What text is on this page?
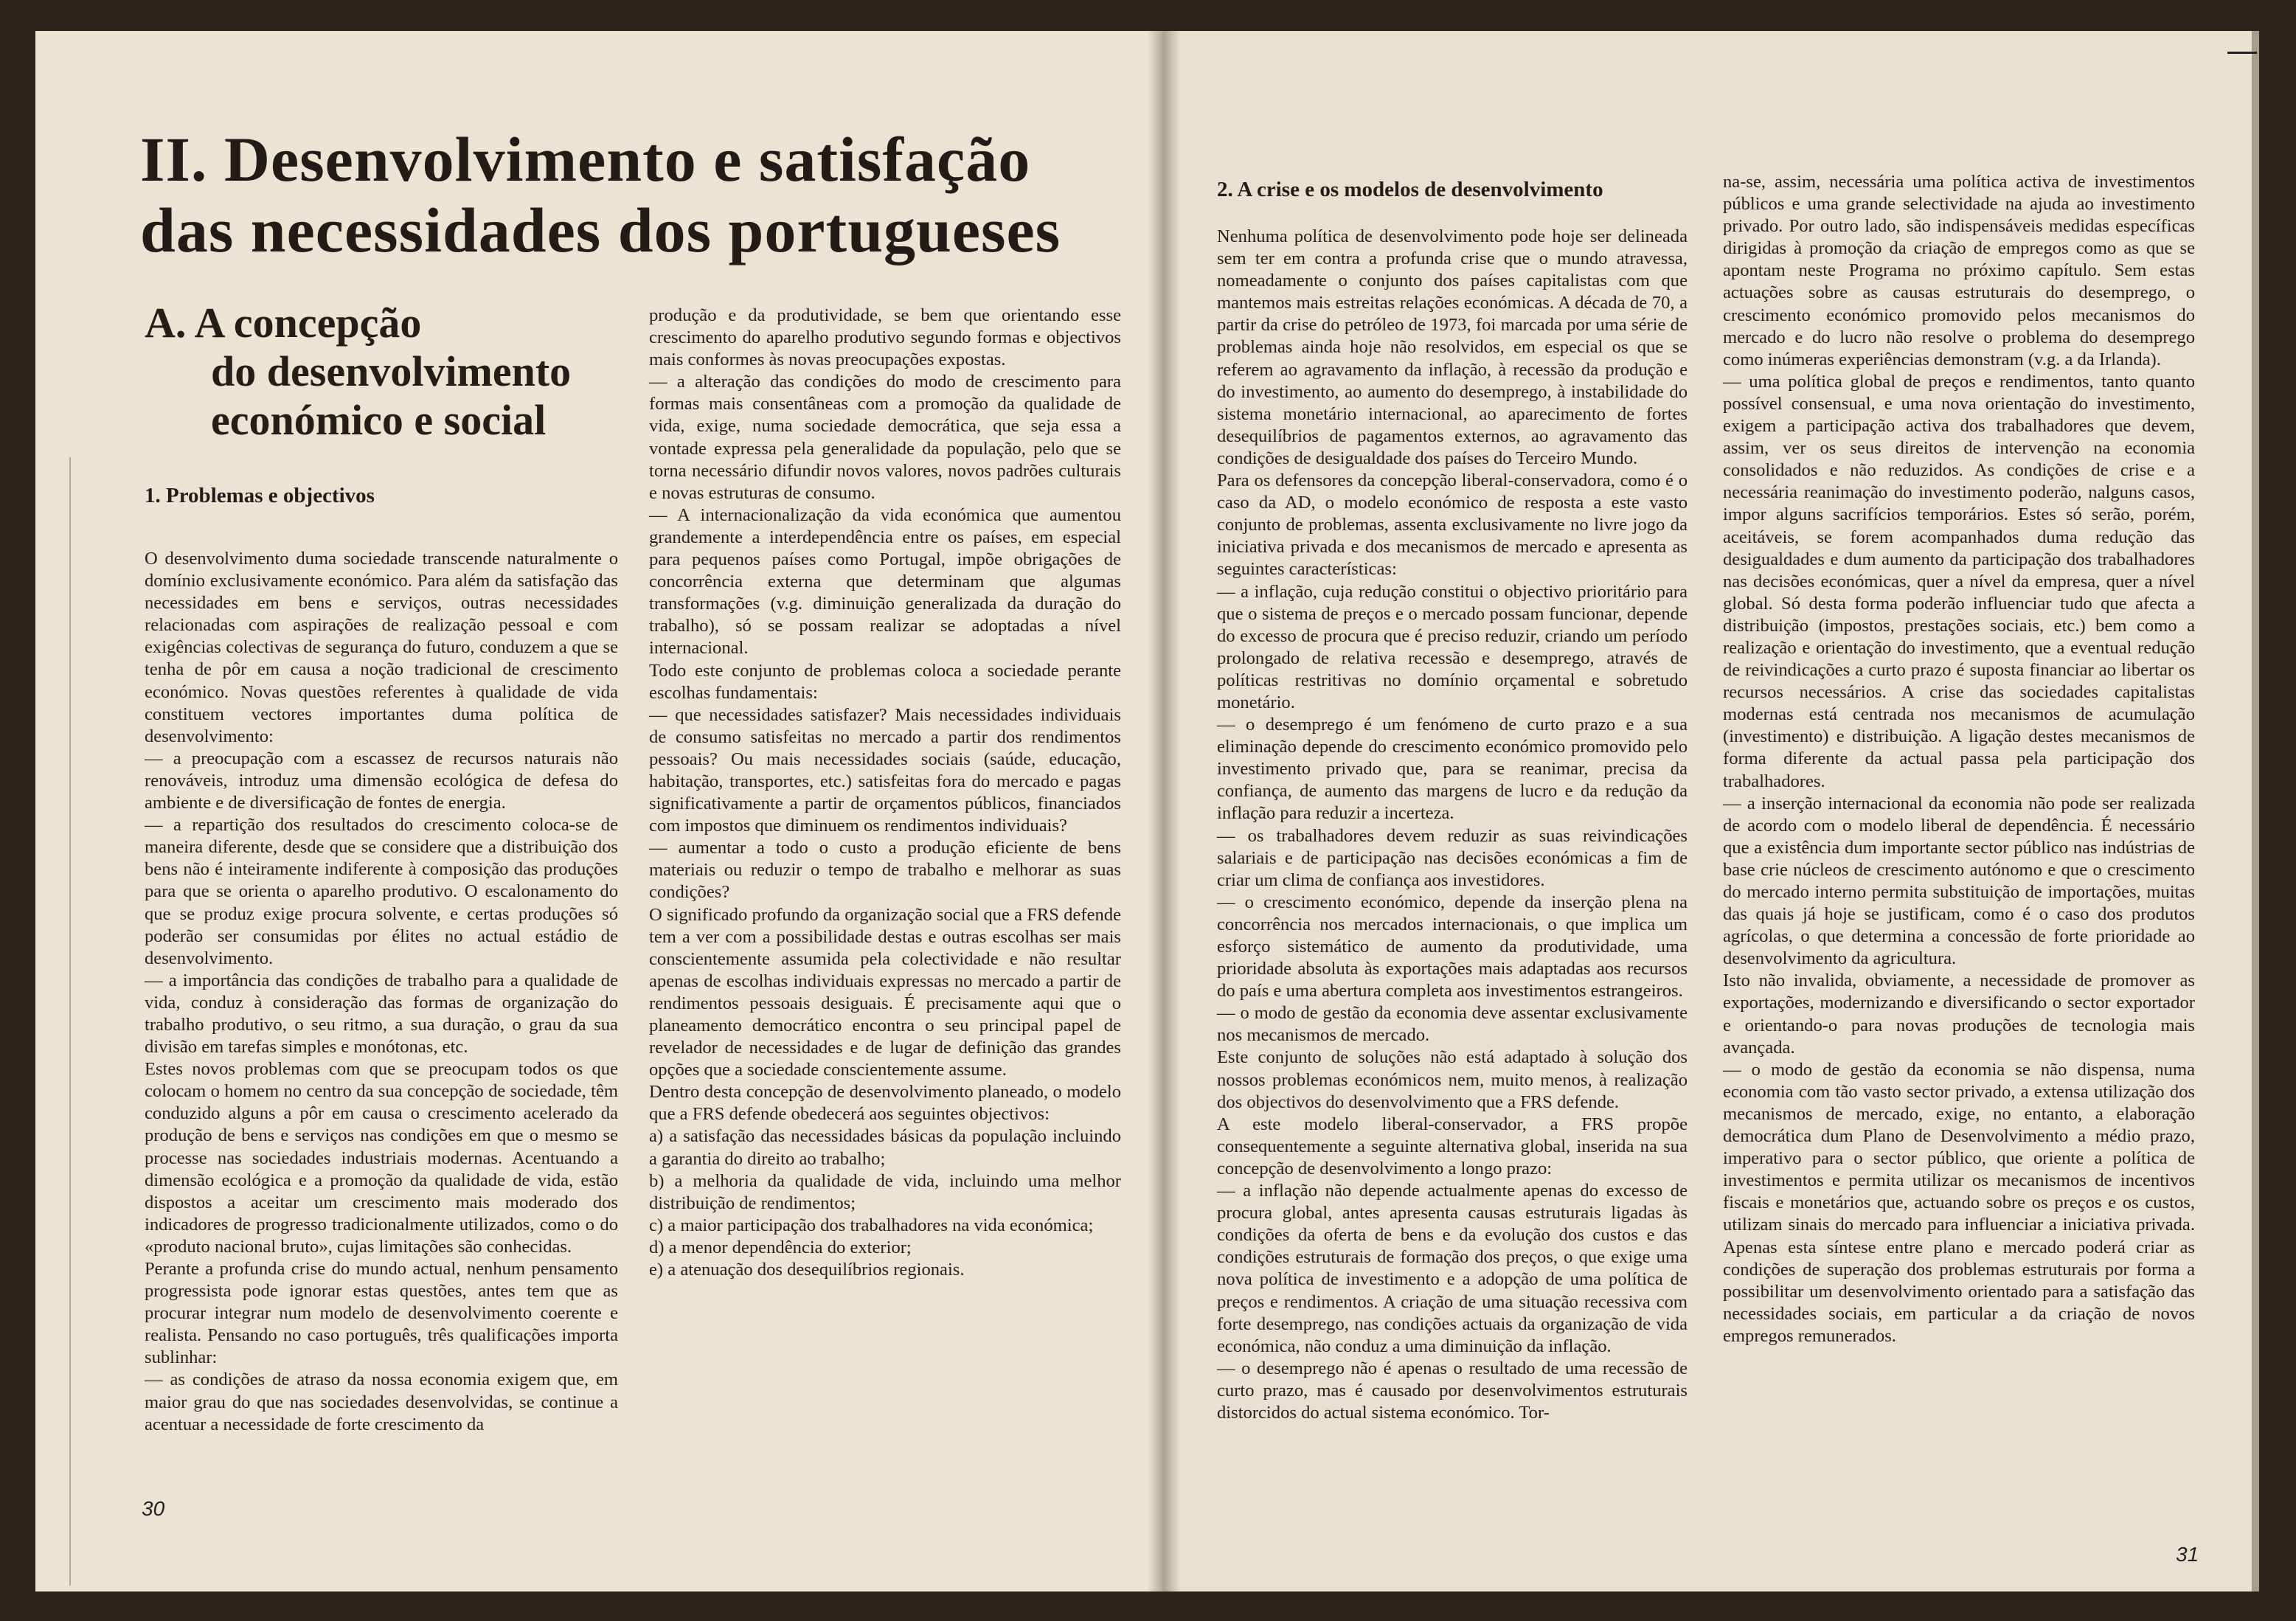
II. Desenvolvimento e satisfação
das necessidades dos portugueses
A. A concepção
do desenvolvimento
económico e social
1. Problemas e objectivos
2. A crise e os modelos de desenvolvimento

O desenvolvimento duma sociedade transcende naturalmente o domínio exclusivamente económico. Para além da satisfação das necessidades em bens e serviços, outras necessidades relacionadas com aspirações de realização pessoal e com exigências colectivas de segurança do futuro, conduzem a que se tenha de pôr em causa a noção tradicional de crescimento económico. Novas questões referentes à qualidade de vida constituem vectores importantes duma política de desenvolvimento:

— a preocupação com a escassez de recursos naturais não renováveis, introduz uma dimensão ecológica de defesa do ambiente e de diversificação de fontes de energia.

— a repartição dos resultados do crescimento coloca-se de maneira diferente, desde que se considere que a distribuição dos bens não é inteiramente indiferente à composição das produções para que se orienta o aparelho produtivo. O escalonamento do que se produz exige procura solvente, e certas produções só poderão ser consumidas por élites no actual estádio de desenvolvimento.

— a importância das condições de trabalho para a qualidade de vida, conduz à consideração das formas de organização do trabalho produtivo, o seu ritmo, a sua duração, o grau da sua divisão em tarefas simples e monótonas, etc.

Estes novos problemas com que se preocupam todos os que colocam o homem no centro da sua concepção de sociedade, têm conduzido alguns a pôr em causa o crescimento acelerado da produção de bens e serviços nas condições em que o mesmo se processe nas sociedades industriais modernas. Acentuando a dimensão ecológica e a promoção da qualidade de vida, estão dispostos a aceitar um crescimento mais moderado dos indicadores de progresso tradicionalmente utilizados, como o do «produto nacional bruto», cujas limitações são conhecidas.

Perante a profunda crise do mundo actual, nenhum pensamento progressista pode ignorar estas questões, antes tem que as procurar integrar num modelo de desenvolvimento coerente e realista. Pensando no caso português, três qualificações importa sublinhar:

— as condições de atraso da nossa economia exigem que, em maior grau do que nas sociedades desenvolvidas, se continue a acentuar a necessidade de forte crescimento da

produção e da produtividade, se bem que orientando esse crescimento do aparelho produtivo segundo formas e objectivos mais conformes às novas preocupações expostas.

— a alteração das condições do modo de crescimento para formas mais consentâneas com a promoção da qualidade de vida, exige, numa sociedade democrática, que seja essa a vontade expressa pela generalidade da população, pelo que se torna necessário difundir novos valores, novos padrões culturais e novas estruturas de consumo.

— A internacionalização da vida económica que aumentou grandemente a interdependência entre os países, em especial para pequenos países como Portugal, impõe obrigações de concorrência externa que determinam que algumas transformações (v.g. diminuição generalizada da duração do trabalho), só se possam realizar se adoptadas a nível internacional.

Todo este conjunto de problemas coloca a sociedade perante escolhas fundamentais:

— que necessidades satisfazer? Mais necessidades individuais de consumo satisfeitas no mercado a partir dos rendimentos pessoais? Ou mais necessidades sociais (saúde, educação, habitação, transportes, etc.) satisfeitas fora do mercado e pagas significativamente a partir de orçamentos públicos, financiados com impostos que diminuem os rendimentos individuais?

— aumentar a todo o custo a produção eficiente de bens materiais ou reduzir o tempo de trabalho e melhorar as suas condições?

O significado profundo da organização social que a FRS defende tem a ver com a possibilidade destas e outras escolhas ser mais conscientemente assumida pela colectividade e não resultar apenas de escolhas individuais expressas no mercado a partir de rendimentos pessoais desiguais. É precisamente aqui que o planeamento democrático encontra o seu principal papel de revelador de necessidades e de lugar de definição das grandes opções que a sociedade conscientemente assume.

Dentro desta concepção de desenvolvimento planeado, o modelo que a FRS defende obedecerá aos seguintes objectivos:

a) a satisfação das necessidades básicas da população incluindo a garantia do direito ao trabalho;

b) a melhoria da qualidade de vida, incluindo uma melhor distribuição de rendimentos;

c) a maior participação dos trabalhadores na vida económica;

d) a menor dependência do exterior;

e) a atenuação dos desequilíbrios regionais.

Nenhuma política de desenvolvimento pode hoje ser delineada sem ter em contra a profunda crise que o mundo atravessa, nomeadamente o conjunto dos países capitalistas com que mantemos mais estreitas relações económicas. A década de 70, a partir da crise do petróleo de 1973, foi marcada por uma série de problemas ainda hoje não resolvidos, em especial os que se referem ao agravamento da inflação, à recessão da produção e do investimento, ao aumento do desemprego, à instabilidade do sistema monetário internacional, ao aparecimento de fortes desequilíbrios de pagamentos externos, ao agravamento das condições de desigualdade dos países do Terceiro Mundo.

Para os defensores da concepção liberal-conservadora, como é o caso da AD, o modelo económico de resposta a este vasto conjunto de problemas, assenta exclusivamente no livre jogo da iniciativa privada e dos mecanismos de mercado e apresenta as seguintes características:

— a inflação, cuja redução constitui o objectivo prioritário para que o sistema de preços e o mercado possam funcionar, depende do excesso de procura que é preciso reduzir, criando um período prolongado de relativa recessão e desemprego, através de políticas restritivas no domínio orçamental e sobretudo monetário.

— o desemprego é um fenómeno de curto prazo e a sua eliminação depende do crescimento económico promovido pelo investimento privado que, para se reanimar, precisa da confiança, de aumento das margens de lucro e da redução da inflação para reduzir a incerteza.

— os trabalhadores devem reduzir as suas reivindicações salariais e de participação nas decisões económicas a fim de criar um clima de confiança aos investidores.

— o crescimento económico, depende da inserção plena na concorrência nos mercados internacionais, o que implica um esforço sistemático de aumento da produtividade, uma prioridade absoluta às exportações mais adaptadas aos recursos do país e uma abertura completa aos investimentos estrangeiros.

— o modo de gestão da economia deve assentar exclusivamente nos mecanismos de mercado.

Este conjunto de soluções não está adaptado à solução dos nossos problemas económicos nem, muito menos, à realização dos objectivos do desenvolvimento que a FRS defende.

A este modelo liberal-conservador, a FRS propõe consequentemente a seguinte alternativa global, inserida na sua concepção de desenvolvimento a longo prazo:

— a inflação não depende actualmente apenas do excesso de procura global, antes apresenta causas estruturais ligadas às condições da oferta de bens e da evolução dos custos e das condições estruturais de formação dos preços, o que exige uma nova política de investimento e a adopção de uma política de preços e rendimentos. A criação de uma situação recessiva com forte desemprego, nas condições actuais da organização de vida económica, não conduz a uma diminuição da inflação.

— o desemprego não é apenas o resultado de uma recessão de curto prazo, mas é causado por desenvolvimentos estruturais distorcidos do actual sistema económico. Tor-

na-se, assim, necessária uma política activa de investimentos públicos e uma grande selectividade na ajuda ao investimento privado. Por outro lado, são indispensáveis medidas específicas dirigidas à promoção da criação de empregos como as que se apontam neste Programa no próximo capítulo. Sem estas actuações sobre as causas estruturais do desemprego, o crescimento económico promovido pelos mecanismos do mercado e do lucro não resolve o problema do desemprego como inúmeras experiências demonstram (v.g. a da Irlanda).

— uma política global de preços e rendimentos, tanto quanto possível consensual, e uma nova orientação do investimento, exigem a participação activa dos trabalhadores que devem, assim, ver os seus direitos de intervenção na economia consolidados e não reduzidos. As condições de crise e a necessária reanimação do investimento poderão, nalguns casos, impor alguns sacrifícios temporários. Estes só serão, porém, aceitáveis, se forem acompanhados duma redução das desigualdades e dum aumento da participação dos trabalhadores nas decisões económicas, quer a nível da empresa, quer a nível global. Só desta forma poderão influenciar tudo que afecta a distribuição (impostos, prestações sociais, etc.) bem como a realização e orientação do investimento, que a eventual redução de reivindicações a curto prazo é suposta financiar ao libertar os recursos necessários. A crise das sociedades capitalistas modernas está centrada nos mecanismos de acumulação (investimento) e distribuição. A ligação destes mecanismos de forma diferente da actual passa pela participação dos trabalhadores.

— a inserção internacional da economia não pode ser realizada de acordo com o modelo liberal de dependência. É necessário que a existência dum importante sector público nas indústrias de base crie núcleos de crescimento autónomo e que o crescimento do mercado interno permita substituição de importações, muitas das quais já hoje se justificam, como é o caso dos produtos agrícolas, o que determina a concessão de forte prioridade ao desenvolvimento da agricultura.

Isto não invalida, obviamente, a necessidade de promover as exportações, modernizando e diversificando o sector exportador e orientando-o para novas produções de tecnologia mais avançada.

— o modo de gestão da economia se não dispensa, numa economia com tão vasto sector privado, a extensa utilização dos mecanismos de mercado, exige, no entanto, a elaboração democrática dum Plano de Desenvolvimento a médio prazo, imperativo para o sector público, que oriente a política de investimentos e permita utilizar os mecanismos de incentivos fiscais e monetários que, actuando sobre os preços e os custos, utilizam sinais do mercado para influenciar a iniciativa privada. Apenas esta síntese entre plano e mercado poderá criar as condições de superação dos problemas estruturais por forma a possibilitar um desenvolvimento orientado para a satisfação das necessidades sociais, em particular a da criação de novos empregos remunerados.

30
31
